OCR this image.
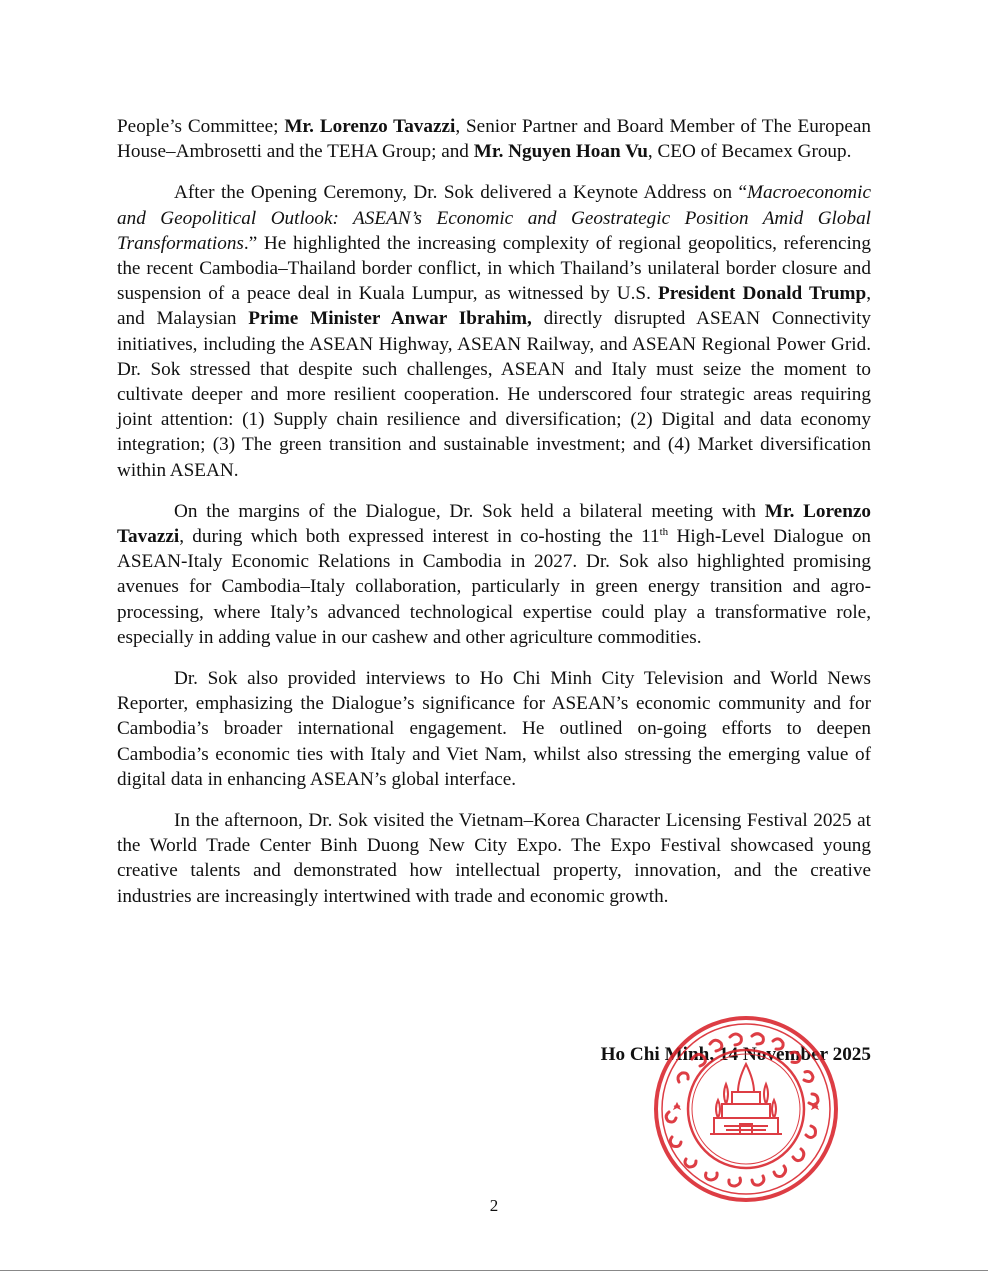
People’s Committee; Mr. Lorenzo Tavazzi, Senior Partner and Board Member of The European House–Ambrosetti and the TEHA Group; and Mr. Nguyen Hoan Vu, CEO of Becamex Group.

After the Opening Ceremony, Dr. Sok delivered a Keynote Address on “Macroeconomic and Geopolitical Outlook: ASEAN’s Economic and Geostrategic Position Amid Global Transformations.” He highlighted the increasing complexity of regional geopolitics, referencing the recent Cambodia–Thailand border conflict, in which Thailand’s unilateral border closure and suspension of a peace deal in Kuala Lumpur, as witnessed by U.S. President Donald Trump, and Malaysian Prime Minister Anwar Ibrahim, directly disrupted ASEAN Connectivity initiatives, including the ASEAN Highway, ASEAN Railway, and ASEAN Regional Power Grid. Dr. Sok stressed that despite such challenges, ASEAN and Italy must seize the moment to cultivate deeper and more resilient cooperation. He underscored four strategic areas requiring joint attention: (1) Supply chain resilience and diversification; (2) Digital and data economy integration; (3) The green transition and sustainable investment; and (4) Market diversification within ASEAN.

On the margins of the Dialogue, Dr. Sok held a bilateral meeting with Mr. Lorenzo Tavazzi, during which both expressed interest in co-hosting the 11th High-Level Dialogue on ASEAN-Italy Economic Relations in Cambodia in 2027. Dr. Sok also highlighted promising avenues for Cambodia–Italy collaboration, particularly in green energy transition and agro-processing, where Italy’s advanced technological expertise could play a transformative role, especially in adding value in our cashew and other agriculture commodities.

Dr. Sok also provided interviews to Ho Chi Minh City Television and World News Reporter, emphasizing the Dialogue’s significance for ASEAN’s economic community and for Cambodia’s broader international engagement. He outlined on-going efforts to deepen Cambodia’s economic ties with Italy and Viet Nam, whilst also stressing the emerging value of digital data in enhancing ASEAN’s global interface.

In the afternoon, Dr. Sok visited the Vietnam–Korea Character Licensing Festival 2025 at the World Trade Center Binh Duong New City Expo. The Expo Festival showcased young creative talents and demonstrated how intellectual property, innovation, and the creative industries are increasingly intertwined with trade and economic growth.

Ho Chi Minh, 14 November 2025
2
